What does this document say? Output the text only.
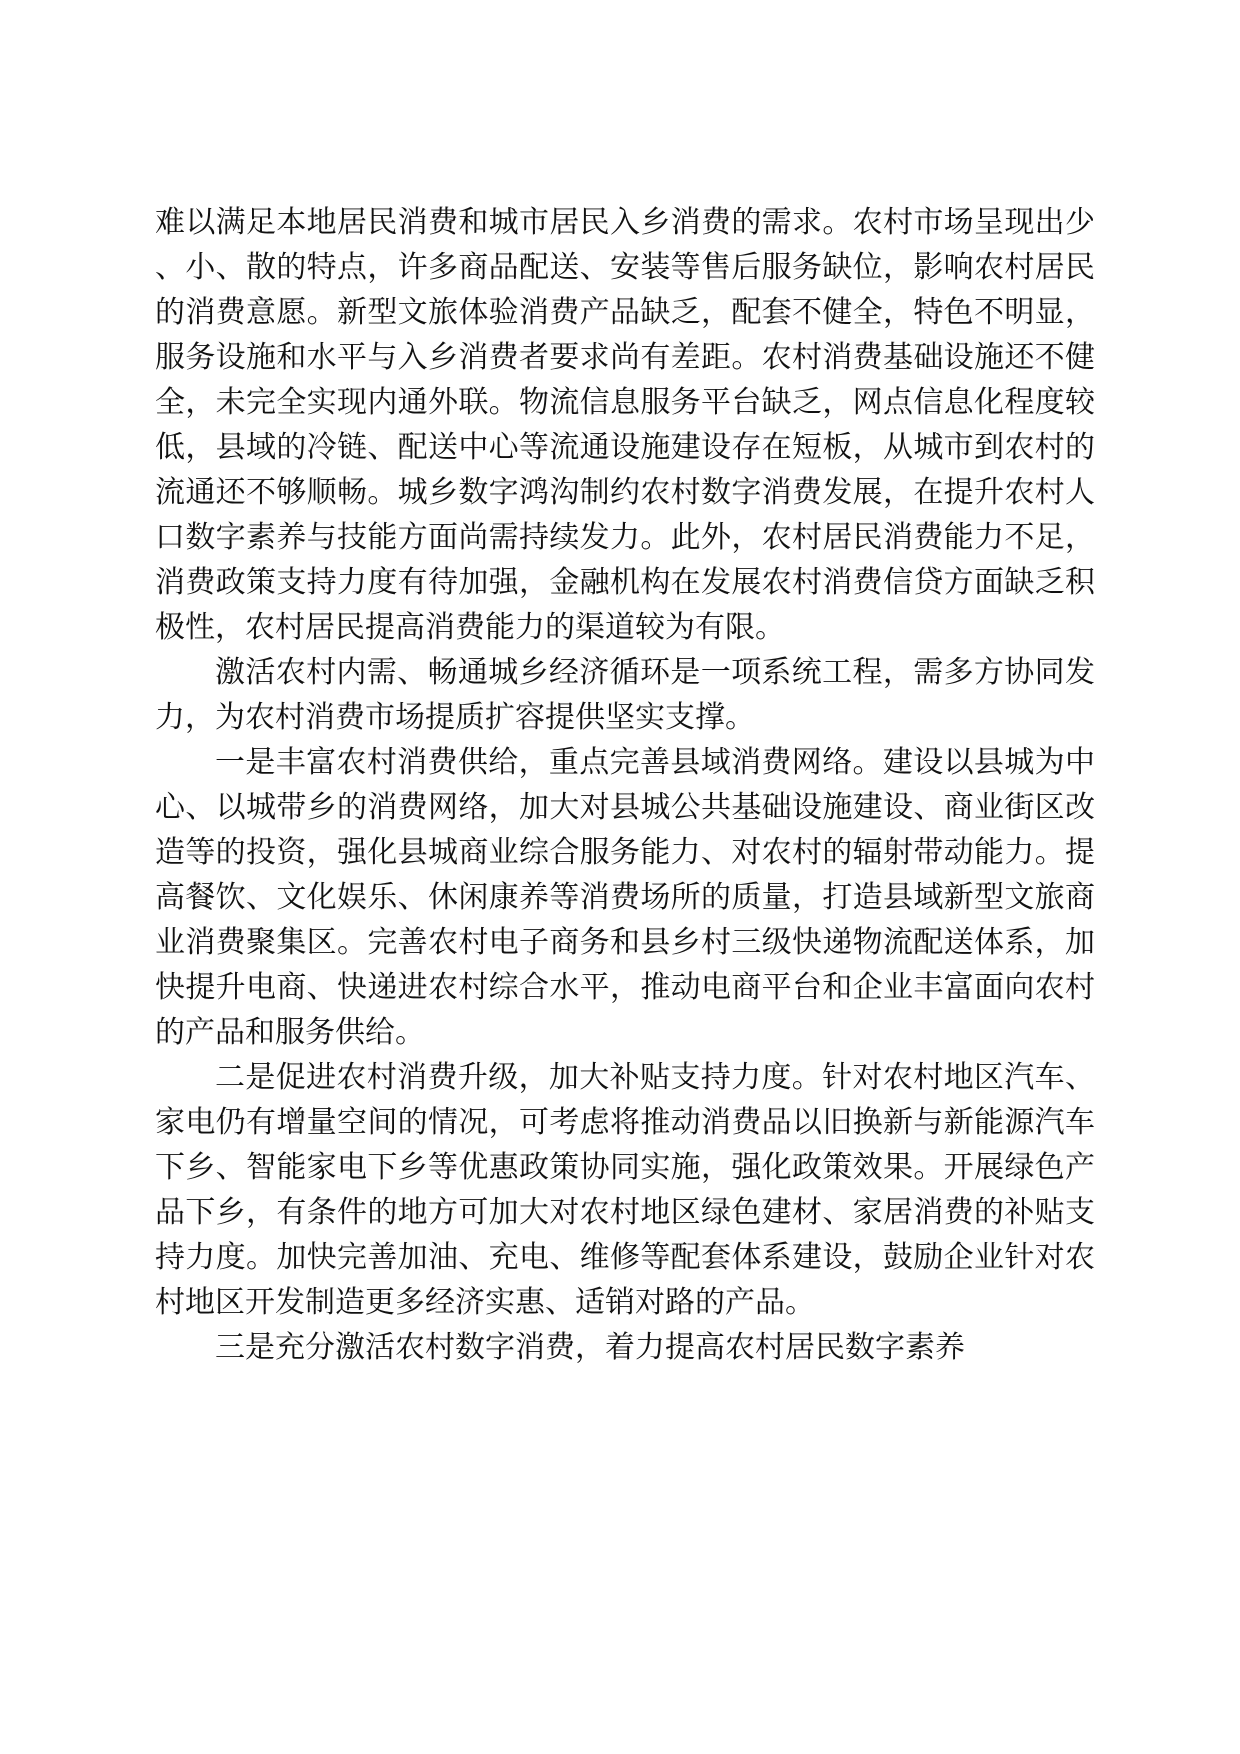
难以满足本地居民消费和城市居民入乡消费的需求。农村市场呈现出少、小、散的特点，许多商品配送、安装等售后服务缺位，影响农村居民的消费意愿。新型文旅体验消费产品缺乏，配套不健全，特色不明显，服务设施和水平与入乡消费者要求尚有差距。农村消费基础设施还不健全，未完全实现内通外联。物流信息服务平台缺乏，网点信息化程度较低，县域的冷链、配送中心等流通设施建设存在短板，从城市到农村的流通还不够顺畅。城乡数字鸿沟制约农村数字消费发展，在提升农村人口数字素养与技能方面尚需持续发力。此外，农村居民消费能力不足，消费政策支持力度有待加强，金融机构在发展农村消费信贷方面缺乏积极性，农村居民提高消费能力的渠道较为有限。

激活农村内需、畅通城乡经济循环是一项系统工程，需多方协同发力，为农村消费市场提质扩容提供坚实支撑。

一是丰富农村消费供给，重点完善县域消费网络。建设以县城为中心、以城带乡的消费网络，加大对县城公共基础设施建设、商业街区改造等的投资，强化县城商业综合服务能力、对农村的辐射带动能力。提高餐饮、文化娱乐、休闲康养等消费场所的质量，打造县域新型文旅商业消费聚集区。完善农村电子商务和县乡村三级快递物流配送体系，加快提升电商、快递进农村综合水平，推动电商平台和企业丰富面向农村的产品和服务供给。

二是促进农村消费升级，加大补贴支持力度。针对农村地区汽车、家电仍有增量空间的情况，可考虑将推动消费品以旧换新与新能源汽车下乡、智能家电下乡等优惠政策协同实施，强化政策效果。开展绿色产品下乡，有条件的地方可加大对农村地区绿色建材、家居消费的补贴支持力度。加快完善加油、充电、维修等配套体系建设，鼓励企业针对农村地区开发制造更多经济实惠、适销对路的产品。

三是充分激活农村数字消费，着力提高农村居民数字素养
